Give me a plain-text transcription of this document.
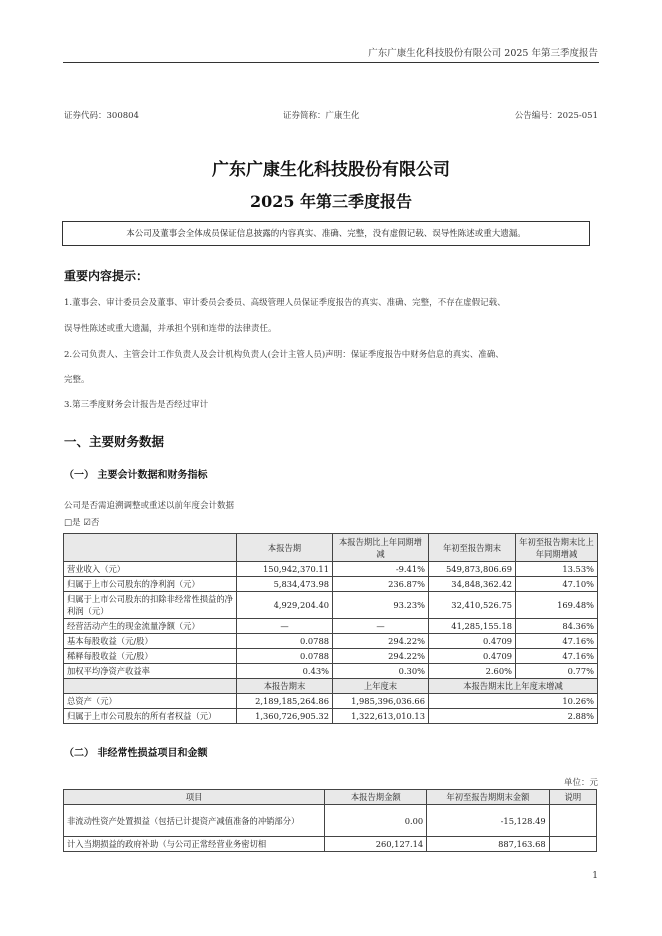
广东广康生化科技股份有限公司 2025 年第三季度报告
证券代码：300804	证券简称：广康生化	公告编号：2025-051
广东广康生化科技股份有限公司
2025 年第三季度报告
本公司及董事会全体成员保证信息披露的内容真实、准确、完整，没有虚假记载、误导性陈述或重大遗漏。
重要内容提示：
1.董事会、审计委员会及董事、审计委员会委员、高级管理人员保证季度报告的真实、准确、完整，不存在虚假记载、
误导性陈述或重大遗漏，并承担个别和连带的法律责任。
2.公司负责人、主管会计工作负责人及会计机构负责人(会计主管人员)声明：保证季度报告中财务信息的真实、准确、
完整。
3.第三季度财务会计报告是否经过审计
一、主要财务数据
（一） 主要会计数据和财务指标
公司是否需追溯调整或重述以前年度会计数据
□是 ☑否
	本报告期	本报告期比上年同期增减	年初至报告期末	年初至报告期末比上年同期增减
营业收入（元）	150,942,370.11	-9.41%	549,873,806.69	13.53%
归属于上市公司股东的净利润（元）	5,834,473.98	236.87%	34,848,362.42	47.10%
归属于上市公司股东的扣除非经常性损益的净利润（元）	4,929,204.40	93.23%	32,410,526.75	169.48%
经营活动产生的现金流量净额（元）	—	—	41,285,155.18	84.36%
基本每股收益（元/股）	0.0788	294.22%	0.4709	47.16%
稀释每股收益（元/股）	0.0788	294.22%	0.4709	47.16%
加权平均净资产收益率	0.43%	0.30%	2.60%	0.77%
	本报告期末	上年度末	本报告期末比上年度末增减	
总资产（元）	2,189,185,264.86	1,985,396,036.66	10.26%	
归属于上市公司股东的所有者权益（元）	1,360,726,905.32	1,322,613,010.13	2.88%	
（二） 非经常性损益项目和金额
单位：元
项目	本报告期金额	年初至报告期期末金额	说明
非流动性资产处置损益（包括已计提资产减值准备的冲销部分）	0.00	-15,128.49	
计入当期损益的政府补助（与公司正常经营业务密切相	260,127.14	887,163.68	
1
